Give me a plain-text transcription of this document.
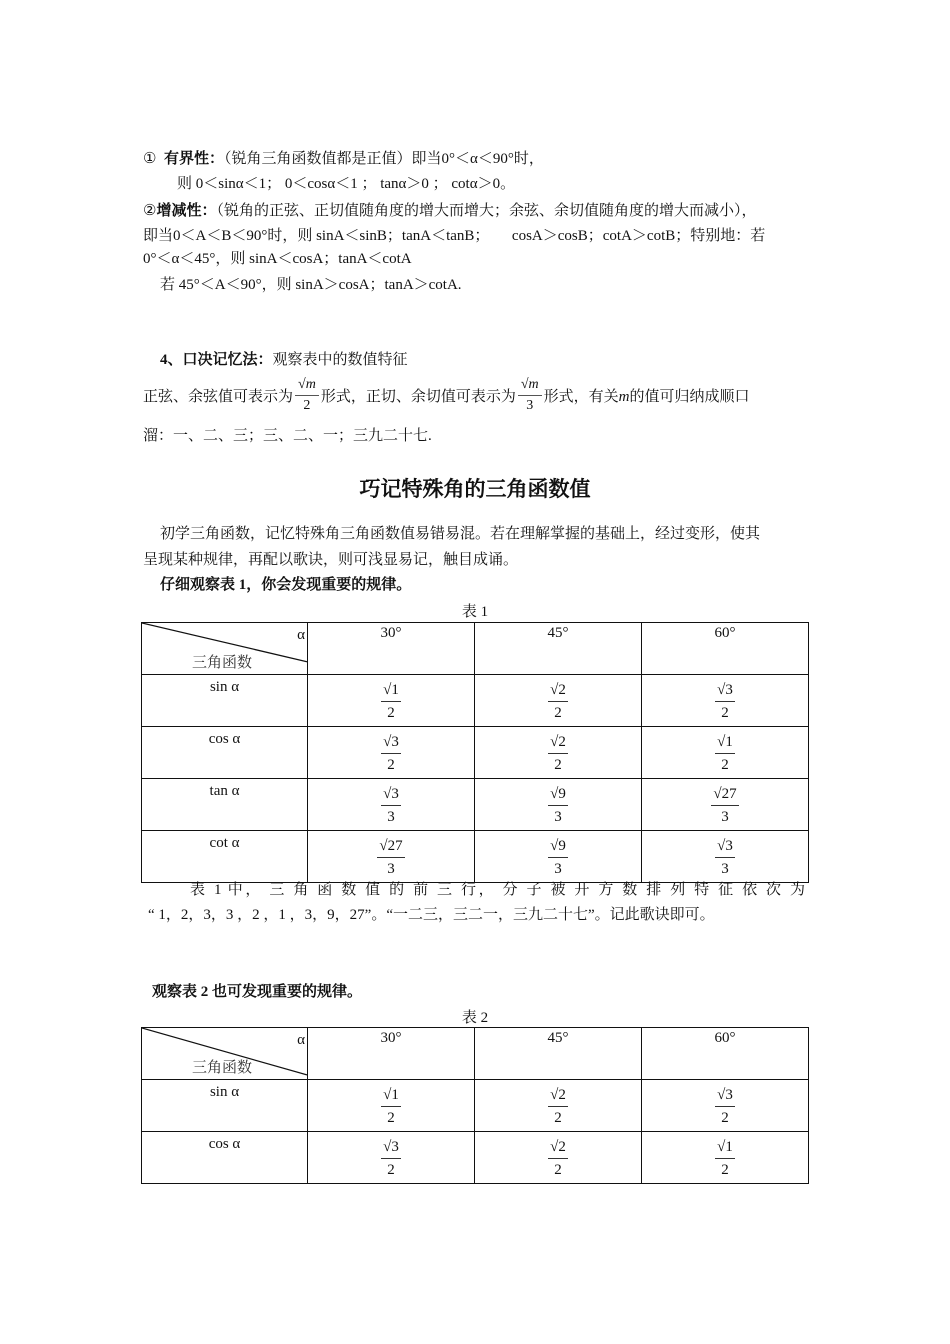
① 有界性：（锐角三角函数值都是正值）即当0°＜α＜90°时，
则 0＜sinα＜1； 0＜cosα＜1 ； tanα＞0 ； cotα＞0。
②增减性：（锐角的正弦、正切值随角度的增大而增大；余弦、余切值随角度的增大而减小），
即当0＜A＜B＜90°时，则 sinA＜sinB；tanA＜tanB；　　cosA＞cosB；cotA＞cotB；特别地：若
0°＜α＜45°，则 sinA＜cosA；tanA＜cotA
若 45°＜A＜90°，则 sinA＞cosA；tanA＞cotA.
4、口决记忆法：观察表中的数值特征
正弦、余弦值可表示为 $\frac{√m}{2}$ 形式，正切、余切值可表示为 $\frac{√m}{3}$ 形式，有关m的值可归纳成顺口
溜：一、二、三；三、二、一；三九二十七.
巧记特殊角的三角函数值
初学三角函数，记忆特殊角三角函数值易错易混。若在理解掌握的基础上，经过变形，使其
呈现某种规律，再配以歌诀，则可浅显易记，触目成诵。
仔细观察表 1，你会发现重要的规律。
表 1
α
三角函数	30°	45°	60°
sin α	$\frac{√1}{2}$	$\frac{√2}{2}$	$\frac{√3}{2}$

cos α	$\frac{√3}{2}$	$\frac{√2}{2}$	$\frac{√1}{2}$

tan α	$\frac{√3}{3}$	$\frac{√9}{3}$	$\frac{√27}{3}$

cot α	$\frac{√27}{3}$	$\frac{√9}{3}$	$\frac{√3}{3}$
表 1 中， 三 角 函 数 值 的 前 三 行， 分 子 被 开 方 数 排 列 特 征 依 次 为
“ 1，2，3，3 ，2 ，1 ，3，9，27”。“一二三，三二一，三九二十七”。记此歌诀即可。
观察表 2 也可发现重要的规律。
表 2
α
三角函数	30°	45°	60°
sin α	$\frac{√1}{2}$	$\frac{√2}{2}$	$\frac{√3}{2}$

cos α	$\frac{√3}{2}$	$\frac{√2}{2}$	$\frac{√1}{2}$
